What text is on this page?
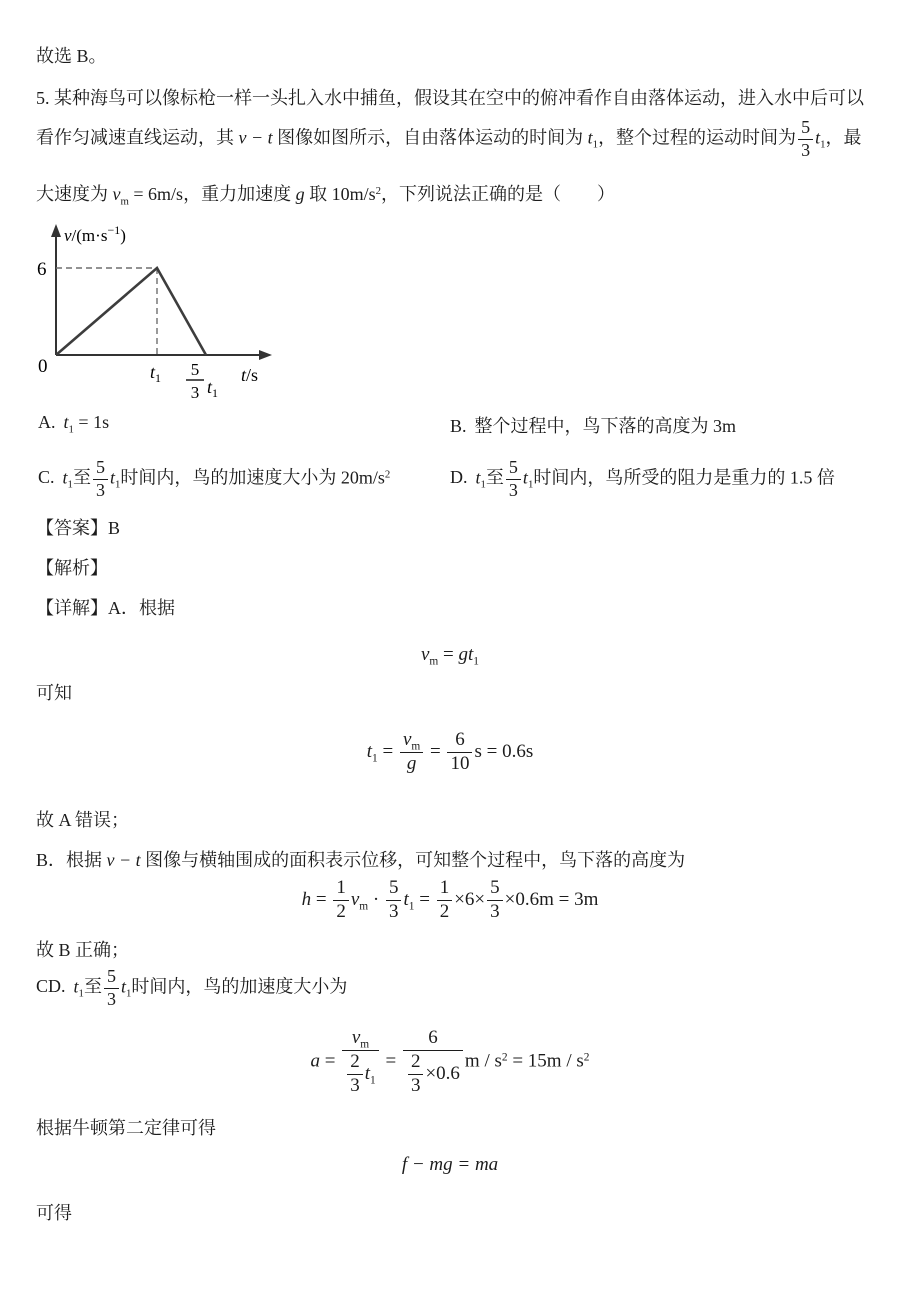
故选 B。
5. 某种海鸟可以像标枪一样一头扎入水中捕鱼，假设其在空中的俯冲看作自由落体运动，进入水中后可以
看作匀减速直线运动，其 v − t 图像如图所示，自由落体运动的时间为 $t_1$，整个过程的运动时间为 $\frac{5}{3} t_1$，最
大速度为 $v_m = 6m/s$，重力加速度 g 取 $10m/s^2$，下列说法正确的是（　　）
$v/(m\cdot s^{-1})$
6
0	$t_1$ 5
3 $t_1$
t/s
A. $t_1 = 1s$	B. 整个过程中，鸟下落的高度为 3m
C. $t_1$至 $\frac{5}{3} t_1$时间内，鸟的加速度大小为 $20m/s^2$	D. $t_1$至 $\frac{5}{3} t_1$时间内，鸟所受的阻力是重力的 1.5 倍
【答案】B
【解析】
【详解】A．根据
$v_m = gt_1$
可知
$t_1 = \frac{v_m}{g} = \frac{6}{10}$ s = 0.6s
故 A 错误；
B．根据 v − t 图像与横轴围成的面积表示位移，可知整个过程中，鸟下落的高度为
$h = \frac{1}{2} v_m \cdot \frac{5}{3} t_1 = \frac{1}{2} \times 6\times \frac{5}{3} \times 0.6m = 3m$
故 B 正确；
CD. $t_1$至 $\frac{5}{3} t_1$时间内，鸟的加速度大小为
$a = \frac{v_m}{\frac{2}{3} t_1} = \frac{6}{\frac{2}{3} \times 0.6}$ $m / s^2 = 15m / s^2$
根据牛顿第二定律可得
f − mg = ma
可得
